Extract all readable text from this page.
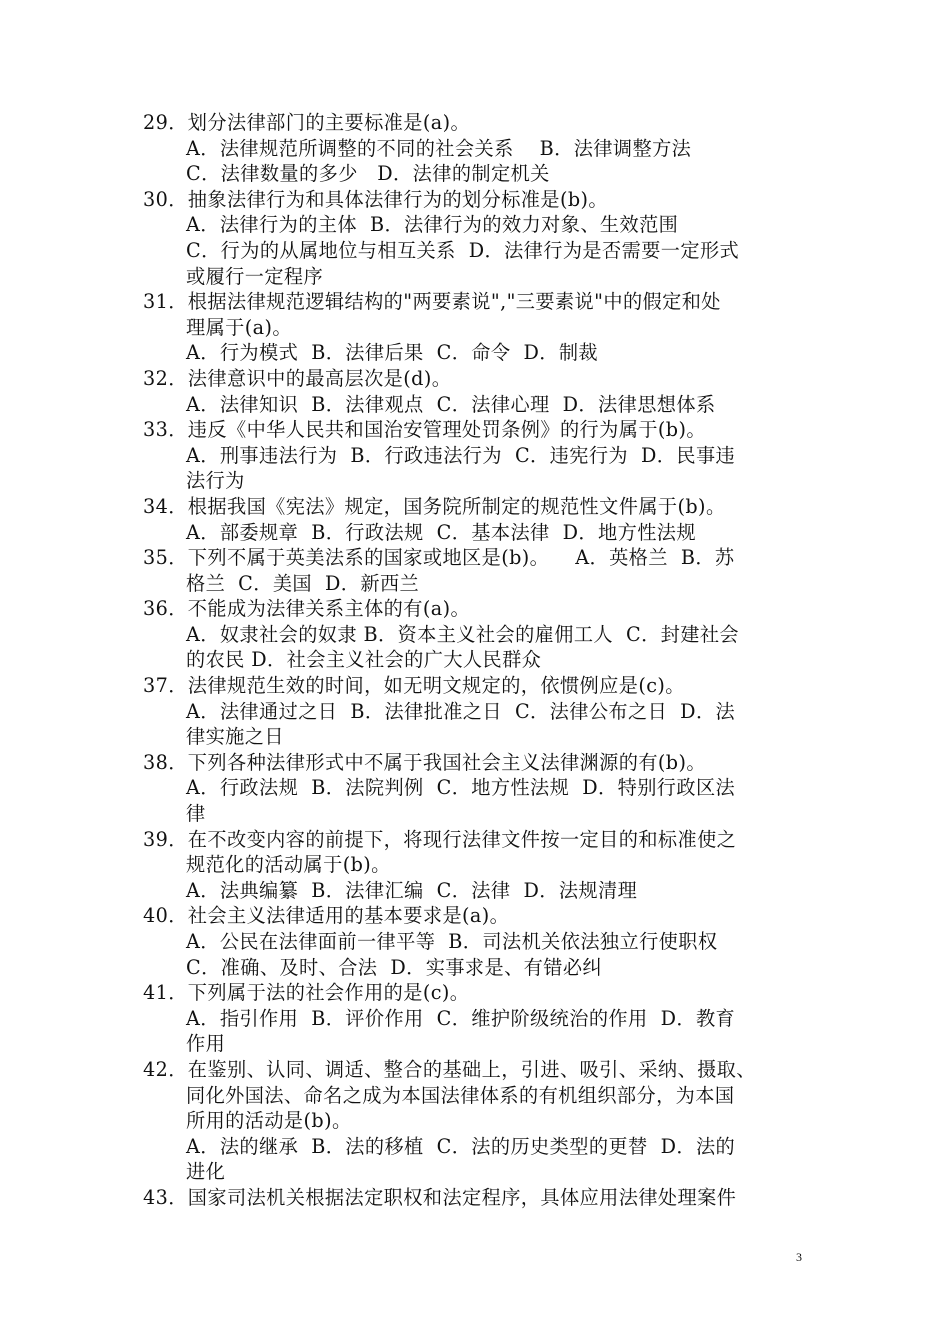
29．划分法律部门的主要标准是(a)。
A．法律规范所调整的不同的社会关系    B．法律调整方法
C．法律数量的多少   D．法律的制定机关
30．抽象法律行为和具体法律行为的划分标准是(b)。
A．法律行为的主体  B．法律行为的效力对象、生效范围
C．行为的从属地位与相互关系  D．法律行为是否需要一定形式
或履行一定程序
31．根据法律规范逻辑结构的"两要素说","三要素说"中的假定和处
理属于(a)。
A．行为模式  B．法律后果  C．命令  D．制裁
32．法律意识中的最高层次是(d)。
A．法律知识  B．法律观点  C．法律心理  D．法律思想体系
33．违反《中华人民共和国治安管理处罚条例》的行为属于(b)。
A．刑事违法行为  B．行政违法行为  C．违宪行为  D．民事违
法行为
34．根据我国《宪法》规定，国务院所制定的规范性文件属于(b)。
A．部委规章  B．行政法规  C．基本法律  D．地方性法规
35．下列不属于英美法系的国家或地区是(b)。    A．英格兰  B．苏
格兰  C．美国  D．新西兰
36．不能成为法律关系主体的有(a)。
A．奴隶社会的奴隶 B．资本主义社会的雇佣工人  C．封建社会
的农民 D．社会主义社会的广大人民群众
37．法律规范生效的时间，如无明文规定的，依惯例应是(c)。
A．法律通过之日  B．法律批准之日  C．法律公布之日  D．法
律实施之日
38．下列各种法律形式中不属于我国社会主义法律渊源的有(b)。
A．行政法规  B．法院判例  C．地方性法规  D．特别行政区法
律
39．在不改变内容的前提下，将现行法律文件按一定目的和标准使之
规范化的活动属于(b)。
A．法典编纂  B．法律汇编  C．法律  D．法规清理
40．社会主义法律适用的基本要求是(a)。
A．公民在法律面前一律平等  B．司法机关依法独立行使职权
C．准确、及时、合法  D．实事求是、有错必纠
41．下列属于法的社会作用的是(c)。
A．指引作用  B．评价作用  C．维护阶级统治的作用  D．教育
作用
42．在鉴别、认同、调适、整合的基础上，引进、吸引、采纳、摄取、
同化外国法、命名之成为本国法律体系的有机组织部分，为本国
所用的活动是(b)。
A．法的继承  B．法的移植  C．法的历史类型的更替  D．法的
进化
43．国家司法机关根据法定职权和法定程序，具体应用法律处理案件
3
